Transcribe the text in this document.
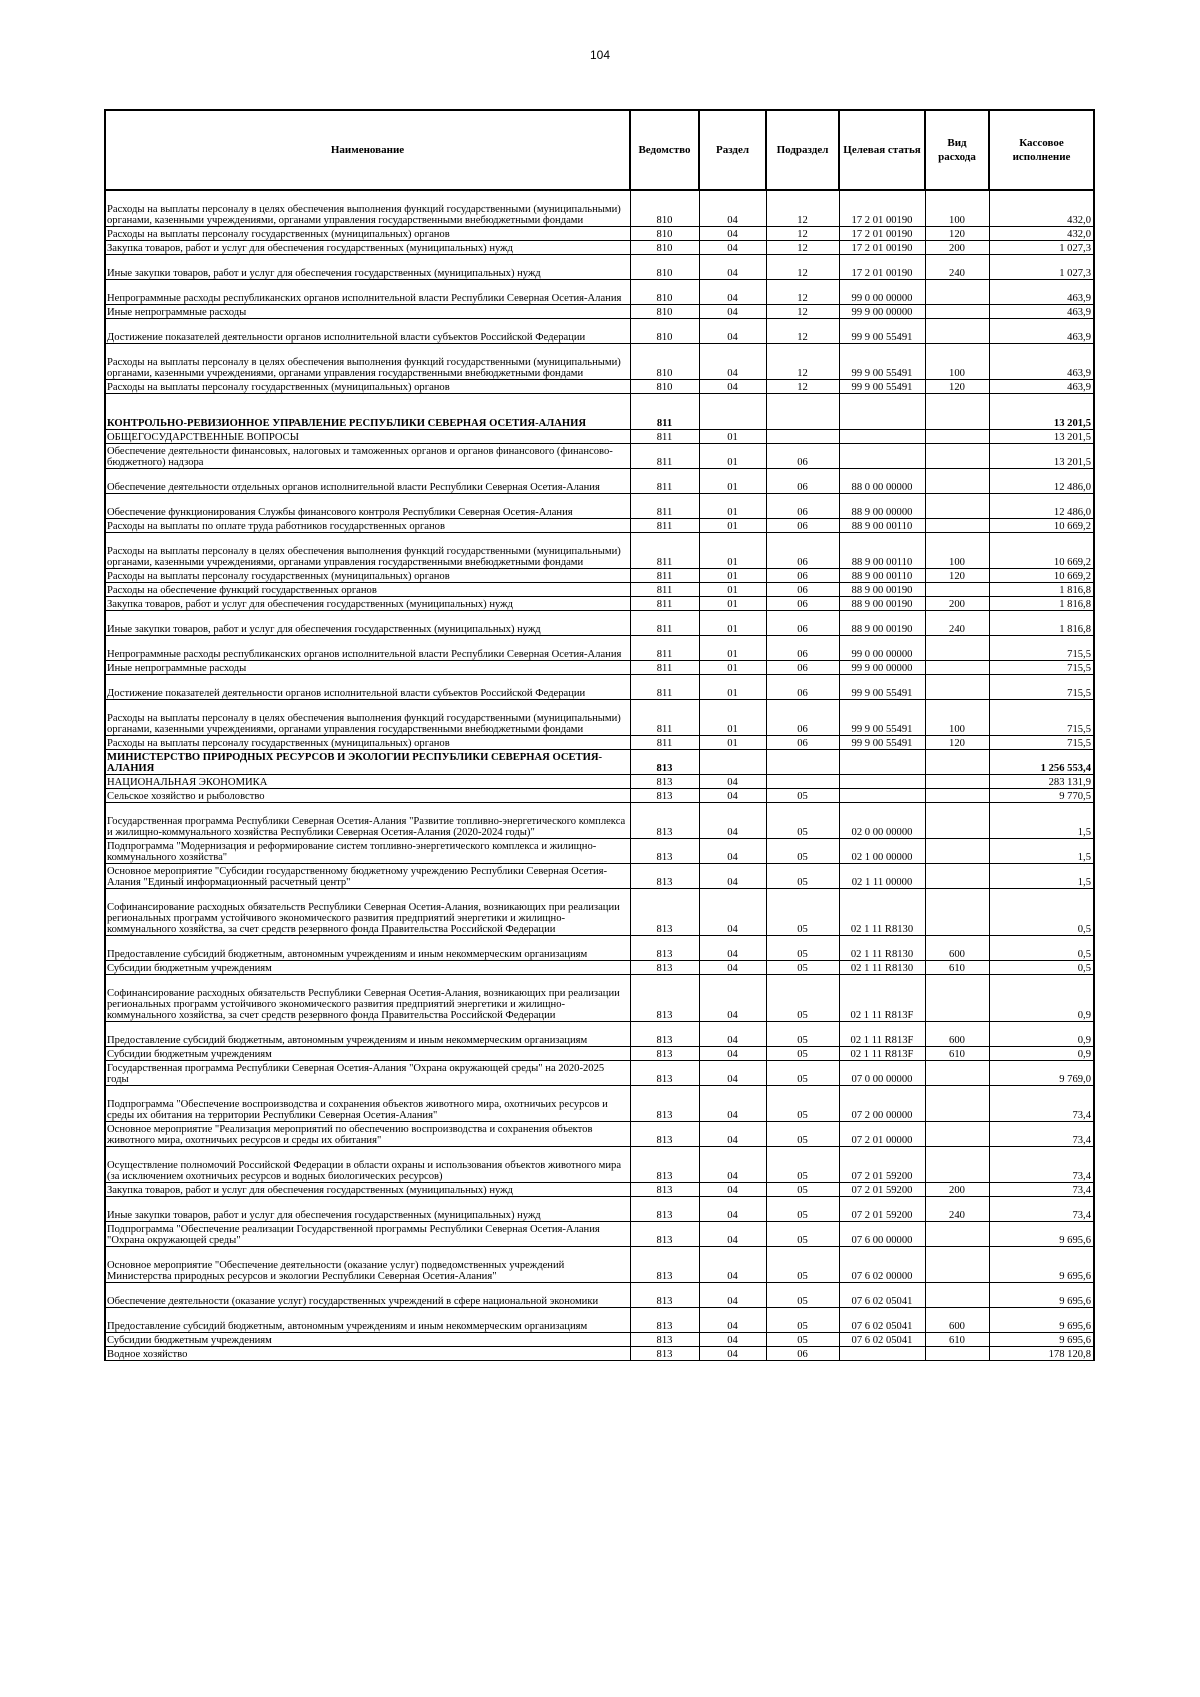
104
Наименование	Ведомство	Раздел	Подраздел	Целевая статья	Вид расхода	Кассовое исполнение
Расходы на выплаты персоналу в целях обеспечения выполнения функций государственными (муниципальными) органами, казенными учреждениями, органами управления государственными внебюджетными фондами	810	04	12	17 2 01 00190	100	432,0
Расходы на выплаты персоналу государственных (муниципальных) органов	810	04	12	17 2 01 00190	120	432,0
Закупка товаров, работ и услуг для обеспечения государственных (муниципальных) нужд	810	04	12	17 2 01 00190	200	1 027,3
Иные закупки товаров, работ и услуг для обеспечения государственных (муниципальных) нужд	810	04	12	17 2 01 00190	240	1 027,3
Непрограммные расходы республиканских органов исполнительной власти Республики Северная Осетия-Алания	810	04	12	99 0 00 00000		463,9
Иные непрограммные расходы	810	04	12	99 9 00 00000		463,9
Достижение показателей деятельности органов исполнительной власти субъектов Российской Федерации	810	04	12	99 9 00 55491		463,9
Расходы на выплаты персоналу в целях обеспечения выполнения функций государственными (муниципальными) органами, казенными учреждениями, органами управления государственными внебюджетными фондами	810	04	12	99 9 00 55491	100	463,9
Расходы на выплаты персоналу государственных (муниципальных) органов	810	04	12	99 9 00 55491	120	463,9
КОНТРОЛЬНО-РЕВИЗИОННОЕ УПРАВЛЕНИЕ РЕСПУБЛИКИ СЕВЕРНАЯ ОСЕТИЯ-АЛАНИЯ	811					13 201,5
ОБЩЕГОСУДАРСТВЕННЫЕ ВОПРОСЫ	811	01				13 201,5
Обеспечение деятельности финансовых, налоговых и таможенных органов и органов финансового (финансово-бюджетного) надзора	811	01	06			13 201,5
Обеспечение деятельности отдельных органов исполнительной власти Республики Северная Осетия-Алания	811	01	06	88 0 00 00000		12 486,0
Обеспечение функционирования Службы финансового контроля Республики Северная Осетия-Алания	811	01	06	88 9 00 00000		12 486,0
Расходы на выплаты по оплате труда работников государственных органов	811	01	06	88 9 00 00110		10 669,2
Расходы на выплаты персоналу в целях обеспечения выполнения функций государственными (муниципальными) органами, казенными учреждениями, органами управления государственными внебюджетными фондами	811	01	06	88 9 00 00110	100	10 669,2
Расходы на выплаты персоналу государственных (муниципальных) органов	811	01	06	88 9 00 00110	120	10 669,2
Расходы на обеспечение функций государственных органов	811	01	06	88 9 00 00190		1 816,8
Закупка товаров, работ и услуг для обеспечения государственных (муниципальных) нужд	811	01	06	88 9 00 00190	200	1 816,8
Иные закупки товаров, работ и услуг для обеспечения государственных (муниципальных) нужд	811	01	06	88 9 00 00190	240	1 816,8
Непрограммные расходы республиканских органов исполнительной власти Республики Северная Осетия-Алания	811	01	06	99 0 00 00000		715,5
Иные непрограммные расходы	811	01	06	99 9 00 00000		715,5
Достижение показателей деятельности органов исполнительной власти субъектов Российской Федерации	811	01	06	99 9 00 55491		715,5
Расходы на выплаты персоналу в целях обеспечения выполнения функций государственными (муниципальными) органами, казенными учреждениями, органами управления государственными внебюджетными фондами	811	01	06	99 9 00 55491	100	715,5
Расходы на выплаты персоналу государственных (муниципальных) органов	811	01	06	99 9 00 55491	120	715,5
МИНИСТЕРСТВО ПРИРОДНЫХ РЕСУРСОВ И ЭКОЛОГИИ РЕСПУБЛИКИ СЕВЕРНАЯ ОСЕТИЯ-АЛАНИЯ	813					1 256 553,4
НАЦИОНАЛЬНАЯ ЭКОНОМИКА	813	04				283 131,9
Сельское хозяйство и рыболовство	813	04	05			9 770,5
Государственная программа Республики Северная Осетия-Алания "Развитие топливно-энергетического комплекса и жилищно-коммунального хозяйства Республики Северная Осетия-Алания (2020-2024 годы)"	813	04	05	02 0 00 00000		1,5
Подпрограмма "Модернизация и реформирование систем топливно-энергетического комплекса и жилищно-коммунального хозяйства"	813	04	05	02 1 00 00000		1,5
Основное мероприятие "Субсидии государственному бюджетному учреждению Республики Северная Осетия-Алания "Единый информационный расчетный центр"	813	04	05	02 1 11 00000		1,5
Софинансирование расходных обязательств Республики Северная Осетия-Алания, возникающих при реализации региональных программ устойчивого экономического развития предприятий энергетики и жилищно-коммунального хозяйства, за счет средств резервного фонда Правительства Российской Федерации	813	04	05	02 1 11 R8130		0,5
Предоставление субсидий бюджетным, автономным учреждениям и иным некоммерческим организациям	813	04	05	02 1 11 R8130	600	0,5
Субсидии бюджетным учреждениям	813	04	05	02 1 11 R8130	610	0,5
Софинансирование расходных обязательств Республики Северная Осетия-Алания, возникающих при реализации региональных программ устойчивого экономического развития предприятий энергетики и жилищно-коммунального хозяйства, за счет средств резервного фонда Правительства Российской Федерации	813	04	05	02 1 11 R813F		0,9
Предоставление субсидий бюджетным, автономным учреждениям и иным некоммерческим организациям	813	04	05	02 1 11 R813F	600	0,9
Субсидии бюджетным учреждениям	813	04	05	02 1 11 R813F	610	0,9
Государственная программа Республики Северная Осетия-Алания "Охрана окружающей среды" на 2020-2025 годы	813	04	05	07 0 00 00000		9 769,0
Подпрограмма "Обеспечение воспроизводства и сохранения объектов животного мира, охотничьих ресурсов и среды их обитания на территории Республики Северная Осетия-Алания"	813	04	05	07 2 00 00000		73,4
Основное мероприятие "Реализация мероприятий по обеспечению воспроизводства и сохранения объектов животного мира, охотничьих ресурсов и среды их обитания"	813	04	05	07 2 01 00000		73,4
Осуществление полномочий Российской Федерации в области охраны и использования объектов животного мира (за исключением охотничьих ресурсов и водных биологических ресурсов)	813	04	05	07 2 01 59200		73,4
Закупка товаров, работ и услуг для обеспечения государственных (муниципальных) нужд	813	04	05	07 2 01 59200	200	73,4
Иные закупки товаров, работ и услуг для обеспечения государственных (муниципальных) нужд	813	04	05	07 2 01 59200	240	73,4
Подпрограмма "Обеспечение реализации Государственной программы Республики Северная Осетия-Алания "Охрана окружающей среды"	813	04	05	07 6 00 00000		9 695,6
Основное мероприятие "Обеспечение деятельности (оказание услуг) подведомственных учреждений Министерства природных ресурсов и экологии Республики Северная Осетия-Алания"	813	04	05	07 6 02 00000		9 695,6
Обеспечение деятельности (оказание услуг) государственных учреждений в сфере национальной экономики	813	04	05	07 6 02 05041		9 695,6
Предоставление субсидий бюджетным, автономным учреждениям и иным некоммерческим организациям	813	04	05	07 6 02 05041	600	9 695,6
Субсидии бюджетным учреждениям	813	04	05	07 6 02 05041	610	9 695,6
Водное хозяйство	813	04	06			178 120,8
